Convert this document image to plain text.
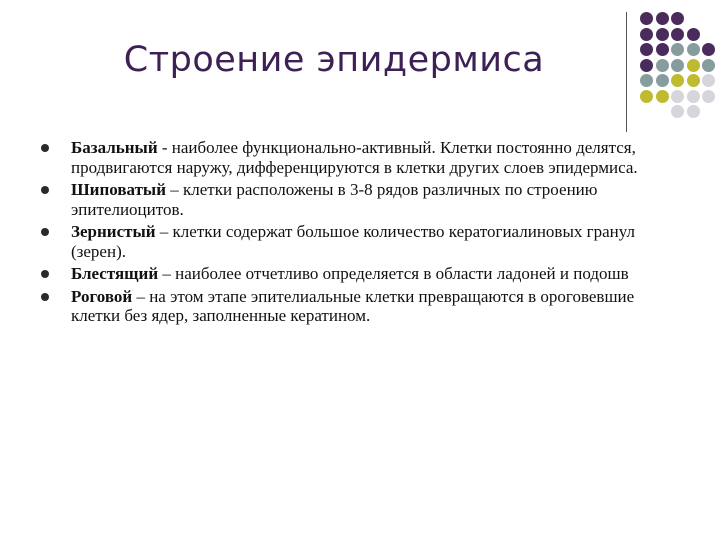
Строение эпидермиса
Базальный - наиболее функционально-активный. Клетки постоянно делятся, продвигаются наружу, дифференцируются в клетки других слоев эпидермиса.
Шиповатый – клетки расположены в 3-8 рядов различных по строению эпителиоцитов.
Зернистый – клетки содержат большое количество кератогиалиновых гранул (зерен).
Блестящий – наиболее отчетливо определяется в области ладоней и подошв
Роговой – на этом этапе эпителиальные клетки превращаются в ороговевшие клетки без ядер, заполненные кератином.
